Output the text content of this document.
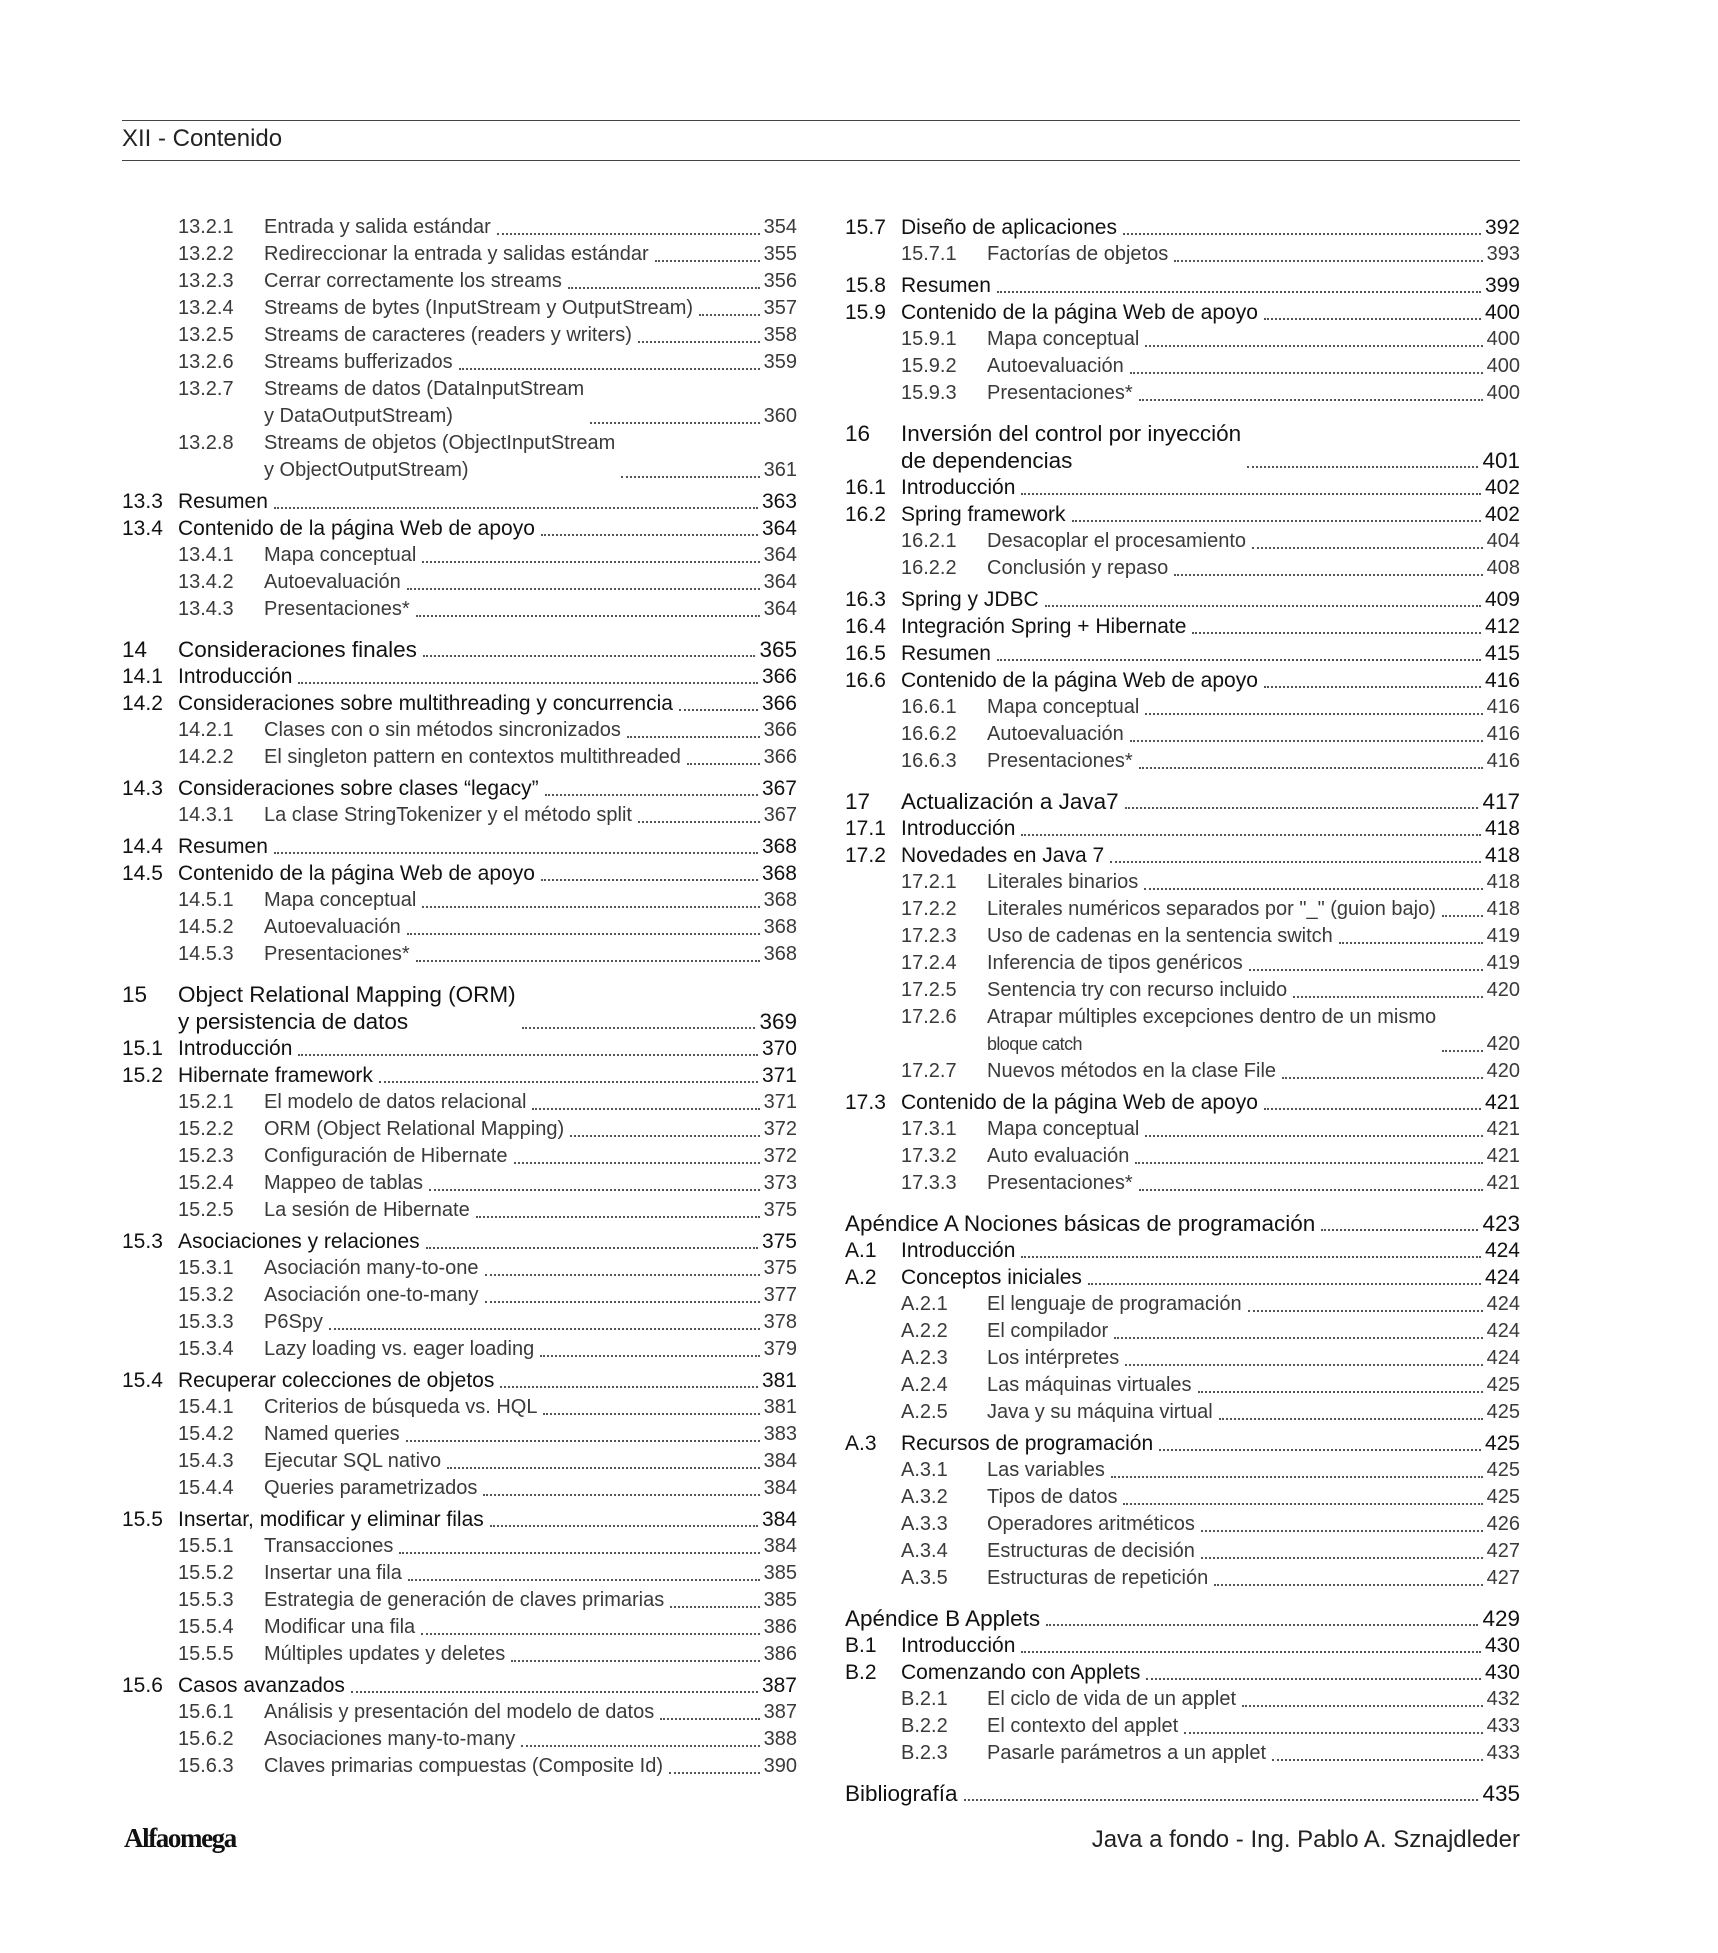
XII - Contenido
13.2.1 Entrada y salida estándar	354
13.2.2 Redireccionar la entrada y salidas estándar	355
13.2.3 Cerrar correctamente los streams	356
13.2.4 Streams de bytes (InputStream y OutputStream)	357
13.2.5 Streams de caracteres (readers y writers)	358
13.2.6 Streams bufferizados	359
13.2.7 Streams de datos (DataInputStream
y DataOutputStream)	360
13.2.8 Streams de objetos (ObjectInputStream
y ObjectOutputStream)	361
13.3 Resumen	363
13.4 Contenido de la página Web de apoyo	364
13.4.1 Mapa conceptual	364
13.4.2 Autoevaluación	364
13.4.3 Presentaciones*	364
14 Consideraciones finales	365
14.1 Introducción	366
14.2 Consideraciones sobre multithreading y concurrencia	366
14.2.1 Clases con o sin métodos sincronizados	366
14.2.2 El singleton pattern en contextos multithreaded	366
14.3 Consideraciones sobre clases “legacy”	367
14.3.1 La clase StringTokenizer y el método split	367
14.4 Resumen	368
14.5 Contenido de la página Web de apoyo	368
14.5.1 Mapa conceptual	368
14.5.2 Autoevaluación	368
14.5.3 Presentaciones*	368
15 Object Relational Mapping (ORM)
y persistencia de datos	369
15.1 Introducción	370
15.2 Hibernate framework	371
15.2.1 El modelo de datos relacional	371
15.2.2 ORM (Object Relational Mapping)	372
15.2.3 Configuración de Hibernate	372
15.2.4 Mappeo de tablas	373
15.2.5 La sesión de Hibernate	375
15.3 Asociaciones y relaciones	375
15.3.1 Asociación many-to-one	375
15.3.2 Asociación one-to-many	377
15.3.3 P6Spy	378
15.3.4 Lazy loading vs. eager loading	379
15.4 Recuperar colecciones de objetos	381
15.4.1 Criterios de búsqueda vs. HQL	381
15.4.2 Named queries	383
15.4.3 Ejecutar SQL nativo	384
15.4.4 Queries parametrizados	384
15.5 Insertar, modificar y eliminar filas	384
15.5.1 Transacciones	384
15.5.2 Insertar una fila	385
15.5.3 Estrategia de generación de claves primarias	385
15.5.4 Modificar una fila	386
15.5.5 Múltiples updates y deletes	386
15.6 Casos avanzados	387
15.6.1 Análisis y presentación del modelo de datos	387
15.6.2 Asociaciones many-to-many	388
15.6.3 Claves primarias compuestas (Composite Id)	390
15.7 Diseño de aplicaciones	392
15.7.1 Factorías de objetos	393
15.8 Resumen	399
15.9 Contenido de la página Web de apoyo	400
15.9.1 Mapa conceptual	400
15.9.2 Autoevaluación	400
15.9.3 Presentaciones*	400
16 Inversión del control por inyección
de dependencias	401
16.1 Introducción	402
16.2 Spring framework	402
16.2.1 Desacoplar el procesamiento	404
16.2.2 Conclusión y repaso	408
16.3 Spring y JDBC	409
16.4 Integración Spring + Hibernate	412
16.5 Resumen	415
16.6 Contenido de la página Web de apoyo	416
16.6.1 Mapa conceptual	416
16.6.2 Autoevaluación	416
16.6.3 Presentaciones*	416
17 Actualización a Java7	417
17.1 Introducción	418
17.2 Novedades en Java 7	418
17.2.1 Literales binarios	418
17.2.2 Literales numéricos separados por "_" (guion bajo)	418
17.2.3 Uso de cadenas en la sentencia switch	419
17.2.4 Inferencia de tipos genéricos	419
17.2.5 Sentencia try con recurso incluido	420
17.2.6 Atrapar múltiples excepciones dentro de un mismo
bloque catch	420
17.2.7 Nuevos métodos en la clase File	420
17.3 Contenido de la página Web de apoyo	421
17.3.1 Mapa conceptual	421
17.3.2 Auto evaluación	421
17.3.3 Presentaciones*	421
Apéndice A Nociones básicas de programación	423
A.1 Introducción	424
A.2 Conceptos iniciales	424
A.2.1 El lenguaje de programación	424
A.2.2 El compilador	424
A.2.3 Los intérpretes	424
A.2.4 Las máquinas virtuales	425
A.2.5 Java y su máquina virtual	425
A.3 Recursos de programación	425
A.3.1 Las variables	425
A.3.2 Tipos de datos	425
A.3.3 Operadores aritméticos	426
A.3.4 Estructuras de decisión	427
A.3.5 Estructuras de repetición	427
Apéndice B Applets	429
B.1 Introducción	430
B.2 Comenzando con Applets	430
B.2.1 El ciclo de vida de un applet	432
B.2.2 El contexto del applet	433
B.2.3 Pasarle parámetros a un applet	433
Bibliografía	435
Alfaomega	Java a fondo - Ing. Pablo A. Sznajdleder
